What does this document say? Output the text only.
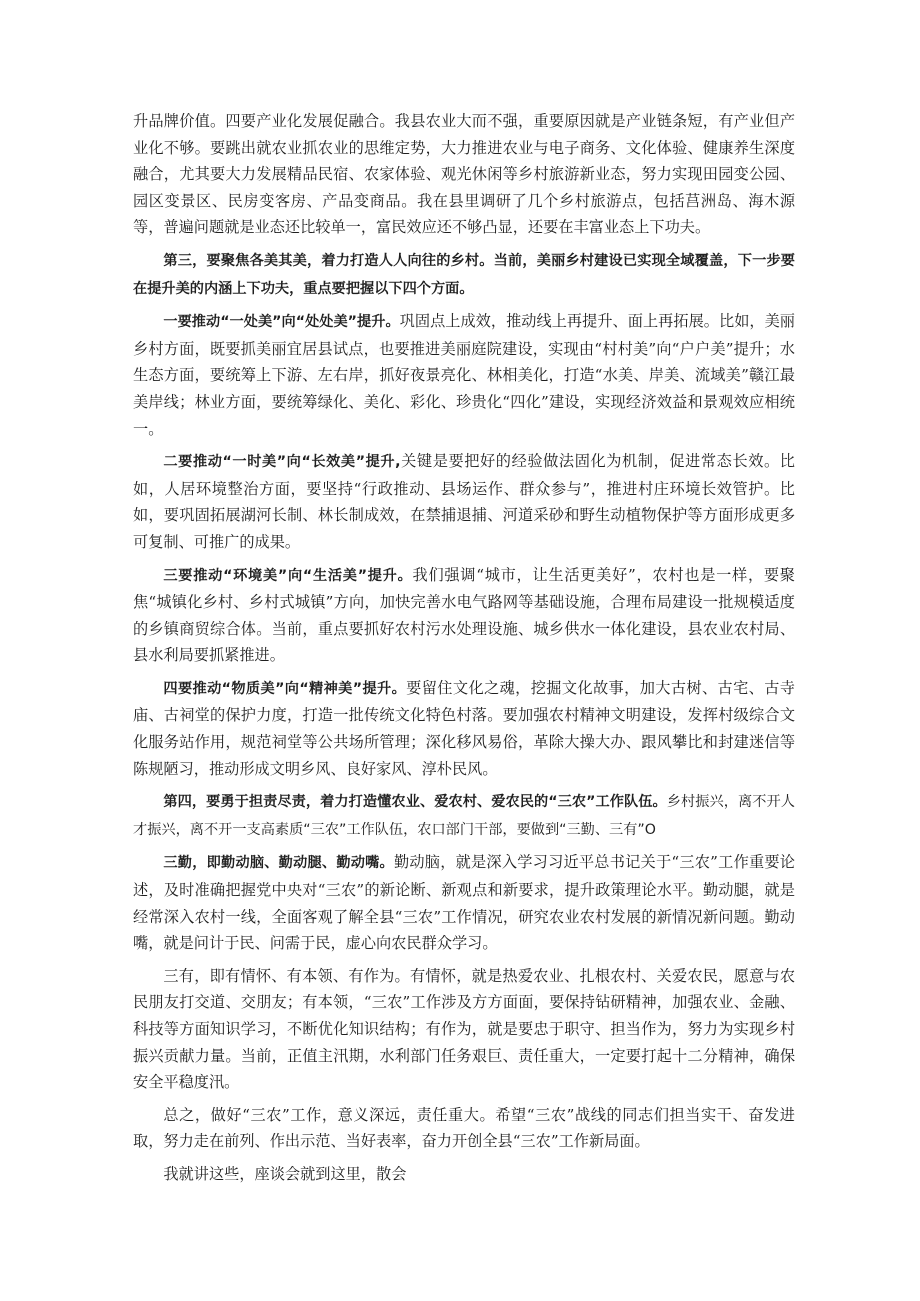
升品牌价值。四要产业化发展促融合。我县农业大而不强，重要原因就是产业链条短，有产业但产业化不够。要跳出就农业抓农业的思维定势，大力推进农业与电子商务、文化体验、健康养生深度融合，尤其要大力发展精品民宿、农家体验、观光休闲等乡村旅游新业态，努力实现田园变公园、园区变景区、民房变客房、产品变商品。我在县里调研了几个乡村旅游点，包括莒洲岛、海木源等，普遍问题就是业态还比较单一，富民效应还不够凸显，还要在丰富业态上下功夫。

第三，要聚焦各美其美，着力打造人人向往的乡村。当前，美丽乡村建设已实现全域覆盖，下一步要在提升美的内涵上下功夫，重点要把握以下四个方面。

一要推动“一处美”向“处处美”提升。巩固点上成效，推动线上再提升、面上再拓展。比如，美丽乡村方面，既要抓美丽宜居县试点，也要推进美丽庭院建设，实现由“村村美”向“户户美”提升；水生态方面，要统筹上下游、左右岸，抓好夜景亮化、林相美化，打造“水美、岸美、流域美”赣江最美岸线；林业方面，要统筹绿化、美化、彩化、珍贵化“四化”建设，实现经济效益和景观效应相统一。

二要推动“一时美”向“长效美”提升,关键是要把好的经验做法固化为机制，促进常态长效。比如，人居环境整治方面，要坚持“行政推动、县场运作、群众参与”，推进村庄环境长效管护。比如，要巩固拓展湖河长制、林长制成效，在禁捕退捕、河道采砂和野生动植物保护等方面形成更多可复制、可推广的成果。

三要推动“环境美”向“生活美”提升。我们强调“城市，让生活更美好”，农村也是一样，要聚焦“城镇化乡村、乡村式城镇”方向，加快完善水电气路网等基础设施，合理布局建设一批规模适度的乡镇商贸综合体。当前，重点要抓好农村污水处理设施、城乡供水一体化建设，县农业农村局、县水利局要抓紧推进。

四要推动“物质美”向“精神美”提升。要留住文化之魂，挖掘文化故事，加大古树、古宅、古寺庙、古祠堂的保护力度，打造一批传统文化特色村落。要加强农村精神文明建设，发挥村级综合文化服务站作用，规范祠堂等公共场所管理；深化移风易俗，革除大操大办、跟风攀比和封建迷信等陈规陋习，推动形成文明乡风、良好家风、淳朴民风。

第四，要勇于担责尽责，着力打造懂农业、爱农村、爱农民的“三农”工作队伍。乡村振兴，离不开人才振兴，离不开一支高素质“三农”工作队伍，农口部门干部，要做到“三勤、三有”O

三勤，即勤动脑、勤动腿、勤动嘴。勤动脑，就是深入学习习近平总书记关于“三农”工作重要论述，及时准确把握党中央对“三农”的新论断、新观点和新要求，提升政策理论水平。勤动腿，就是经常深入农村一线，全面客观了解全县“三农”工作情况，研究农业农村发展的新情况新问题。勤动嘴，就是问计于民、问需于民，虚心向农民群众学习。

三有，即有情怀、有本领、有作为。有情怀，就是热爱农业、扎根农村、关爱农民，愿意与农民朋友打交道、交朋友；有本领，“三农”工作涉及方方面面，要保持钻研精神，加强农业、金融、科技等方面知识学习，不断优化知识结构；有作为，就是要忠于职守、担当作为，努力为实现乡村振兴贡献力量。当前，正值主汛期，水利部门任务艰巨、责任重大，一定要打起十二分精神，确保安全平稳度汛。

总之，做好“三农”工作，意义深远，责任重大。希望“三农”战线的同志们担当实干、奋发进取，努力走在前列、作出示范、当好表率，奋力开创全县“三农”工作新局面。

我就讲这些，座谈会就到这里，散会
